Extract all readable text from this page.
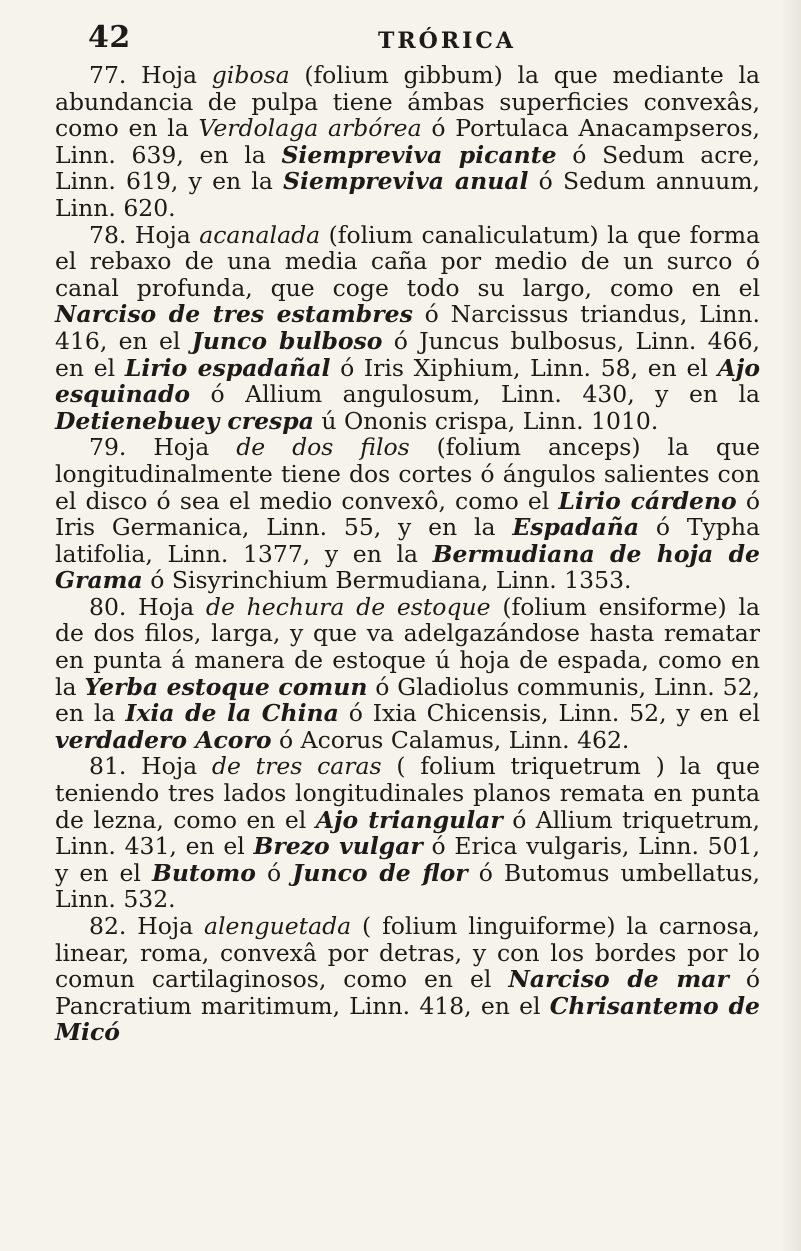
42	TRÓRICA

77. Hoja gibosa (folium gibbum) la que mediante la abundancia de pulpa tiene ámbas superficies convexâs, como en la Verdolaga arbórea ó Portulaca Anacampseros, Linn. 639, en la Siempreviva picante ó Sedum acre, Linn. 619, y en la Siempreviva anual ó Sedum annuum, Linn. 620.

78. Hoja acanalada (folium canaliculatum) la que forma el rebaxo de una media caña por medio de un surco ó canal profunda, que coge todo su largo, como en el Narciso de tres estambres ó Narcissus triandus, Linn. 416, en el Junco bulboso ó Juncus bulbosus, Linn. 466, en el Lirio espadañal ó Iris Xiphium, Linn. 58, en el Ajo esquinado ó Allium angulosum, Linn. 430, y en la Detienebuey crespa ú Ononis crispa, Linn. 1010.

79. Hoja de dos filos (folium anceps) la que longitudinalmente tiene dos cortes ó ángulos salientes con el disco ó sea el medio convexô, como el Lirio cárdeno ó Iris Germanica, Linn. 55, y en la Espadaña ó Typha latifolia, Linn. 1377, y en la Bermudiana de hoja de Grama ó Sisyrinchium Bermudiana, Linn. 1353.

80. Hoja de hechura de estoque (folium ensiforme) la de dos filos, larga, y que va adelgazándose hasta rematar en punta á manera de estoque ú hoja de espada, como en la Yerba estoque comun ó Gladiolus communis, Linn. 52, en la Ixia de la China ó Ixia Chicensis, Linn. 52, y en el verdadero Acoro ó Acorus Calamus, Linn. 462.

81. Hoja de tres caras ( folium triquetrum ) la que teniendo tres lados longitudinales planos remata en punta de lezna, como en el Ajo triangular ó Allium triquetrum, Linn. 431, en el Brezo vulgar ó Erica vulgaris, Linn. 501, y en el Butomo ó Junco de flor ó Butomus umbellatus, Linn. 532.

82. Hoja alenguetada ( folium linguiforme) la carnosa, linear, roma, convexâ por detras, y con los bordes por lo comun cartilaginosos, como en el Narciso de mar ó Pancratium maritimum, Linn. 418, en el Chrisantemo de Micó
